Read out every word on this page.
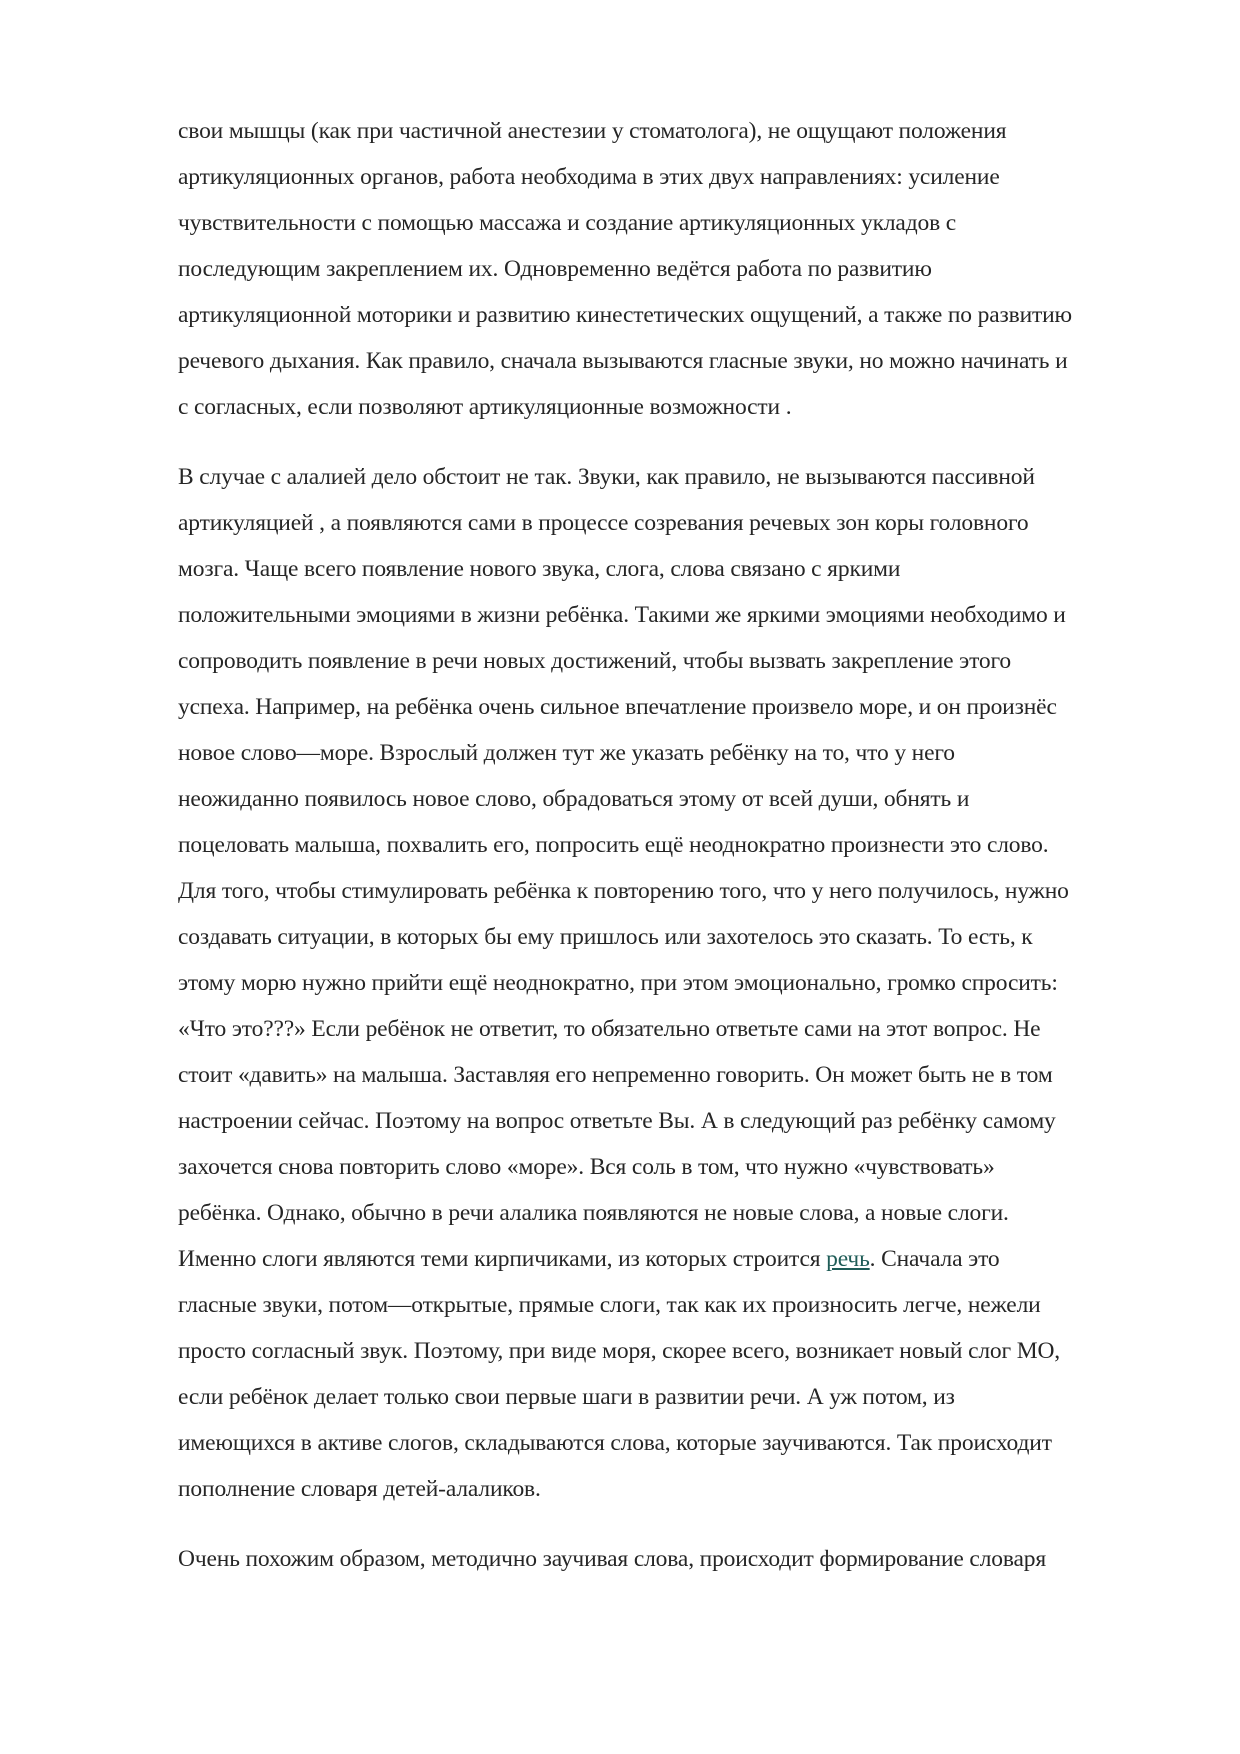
свои мышцы (как при частичной анестезии у стоматолога), не ощущают положения
артикуляционных органов, работа необходима в этих двух направлениях: усиление
чувствительности с помощью массажа и создание артикуляционных укладов с
последующим закреплением их. Одновременно ведётся работа по развитию
артикуляционной моторики и развитию кинестетических ощущений, а также по развитию
речевого дыхания. Как правило, сначала вызываются гласные звуки, но можно начинать и
с согласных, если позволяют артикуляционные возможности .

В случае с алалией дело обстоит не так. Звуки, как правило, не вызываются пассивной
артикуляцией , а появляются сами в процессе созревания речевых зон коры головного
мозга. Чаще всего появление нового звука, слога, слова связано с яркими
положительными эмоциями в жизни ребёнка. Такими же яркими эмоциями необходимо и
сопроводить появление в речи новых достижений, чтобы вызвать закрепление этого
успеха. Например, на ребёнка очень сильное впечатление произвело море, и он произнёс
новое слово—море. Взрослый должен тут же указать ребёнку на то, что у него
неожиданно появилось новое слово, обрадоваться этому от всей души, обнять и
поцеловать малыша, похвалить его, попросить ещё неоднократно произнести это слово.
Для того, чтобы стимулировать ребёнка к повторению того, что у него получилось, нужно
создавать ситуации, в которых бы ему пришлось или захотелось это сказать. То есть, к
этому морю нужно прийти ещё неоднократно, при этом эмоционально, громко спросить:
«Что это???» Если ребёнок не ответит, то обязательно ответьте сами на этот вопрос. Не
стоит «давить» на малыша. Заставляя его непременно говорить. Он может быть не в том
настроении сейчас. Поэтому на вопрос ответьте Вы. А в следующий раз ребёнку самому
захочется снова повторить слово «море». Вся соль в том, что нужно «чувствовать»
ребёнка. Однако, обычно в речи алалика появляются не новые слова, а новые слоги.
Именно слоги являются теми кирпичиками, из которых строится речь. Сначала это
гласные звуки, потом—открытые, прямые слоги, так как их произносить легче, нежели
просто согласный звук. Поэтому, при виде моря, скорее всего, возникает новый слог МО,
если ребёнок делает только свои первые шаги в развитии речи. А уж потом, из
имеющихся в активе слогов, складываются слова, которые заучиваются. Так происходит
пополнение словаря детей-алаликов.

Очень похожим образом, методично заучивая слова, происходит формирование словаря
